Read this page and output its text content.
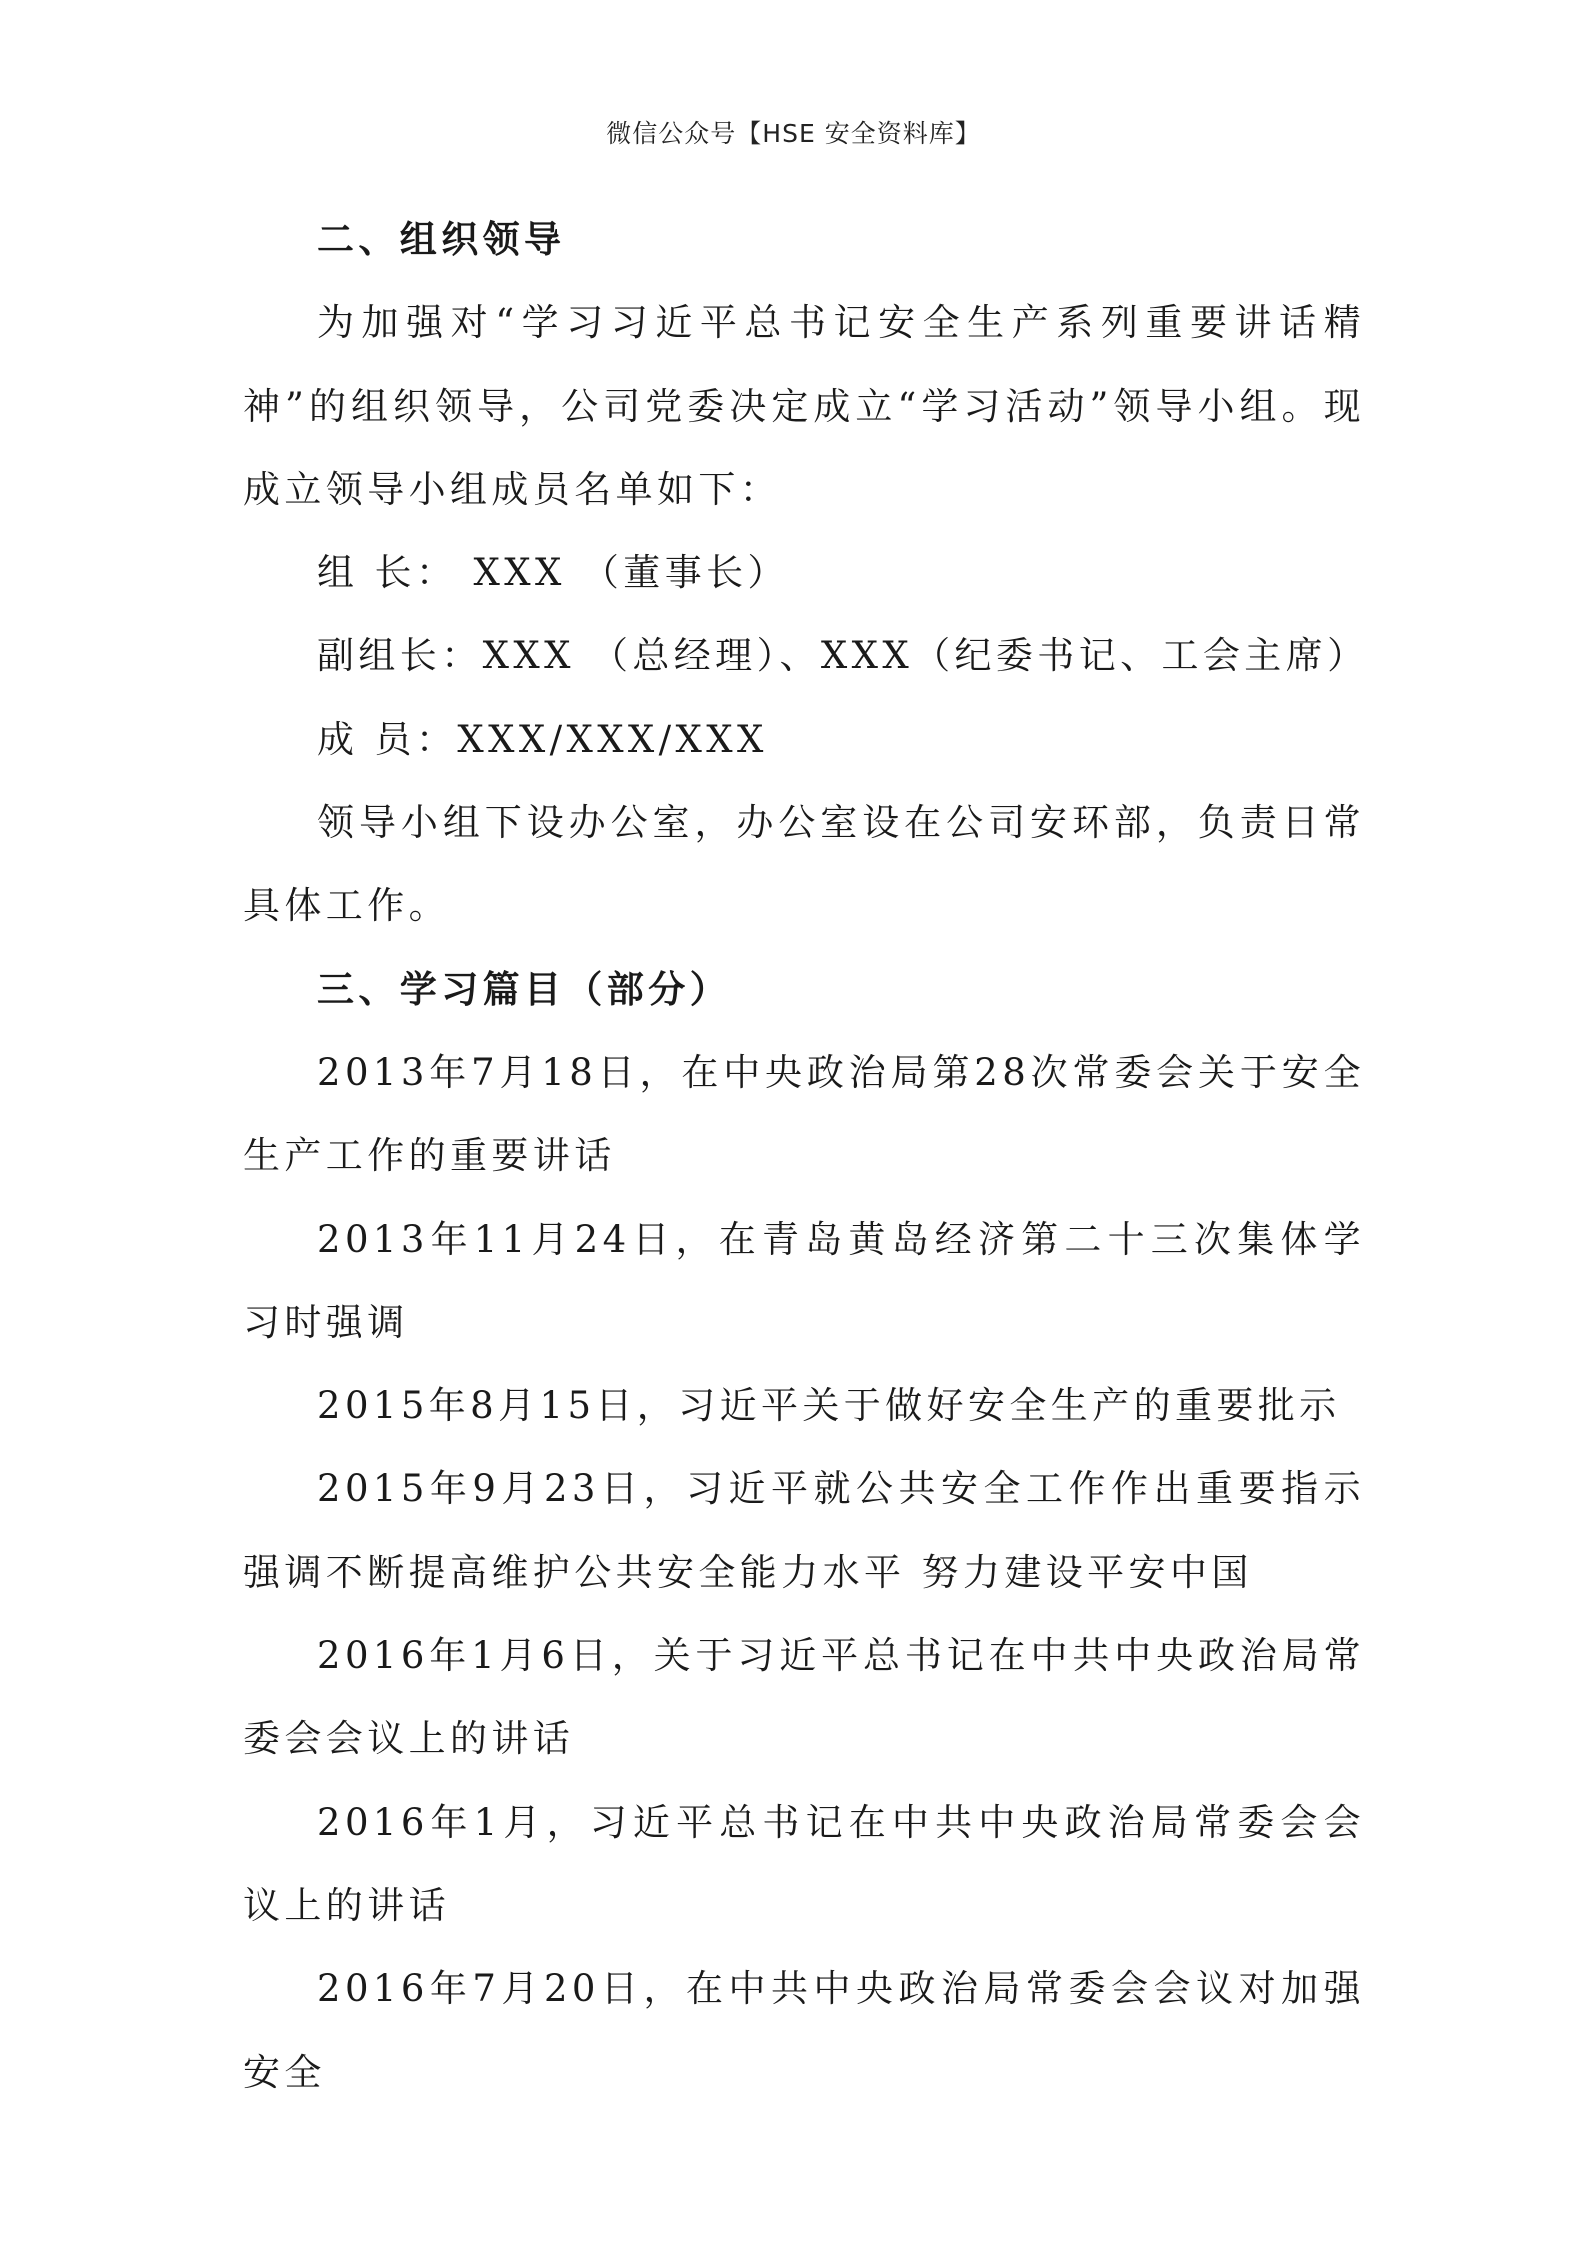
微信公众号【HSE 安全资料库】

二、组织领导

为加强对“学习习近平总书记安全生产系列重要讲话精神”的组织领导，公司党委决定成立“学习活动”领导小组。现成立领导小组成员名单如下：

组 长： XXX （董事长）

副组长：XXX （总经理）、XXX（纪委书记、工会主席）

成 员：XXX/XXX/XXX

领导小组下设办公室，办公室设在公司安环部，负责日常具体工作。

三、学习篇目（部分）

2013年7月18日，在中央政治局第28次常委会关于安全生产工作的重要讲话

2013年11月24日，在青岛黄岛经济第二十三次集体学习时强调

2015年8月15日，习近平关于做好安全生产的重要批示

2015年9月23日，习近平就公共安全工作作出重要指示强调不断提高维护公共安全能力水平 努力建设平安中国

2016年1月6日，关于习近平总书记在中共中央政治局常委会会议上的讲话

2016年1月，习近平总书记在中共中央政治局常委会会议上的讲话

2016年7月20日，在中共中央政治局常委会会议对加强安全
